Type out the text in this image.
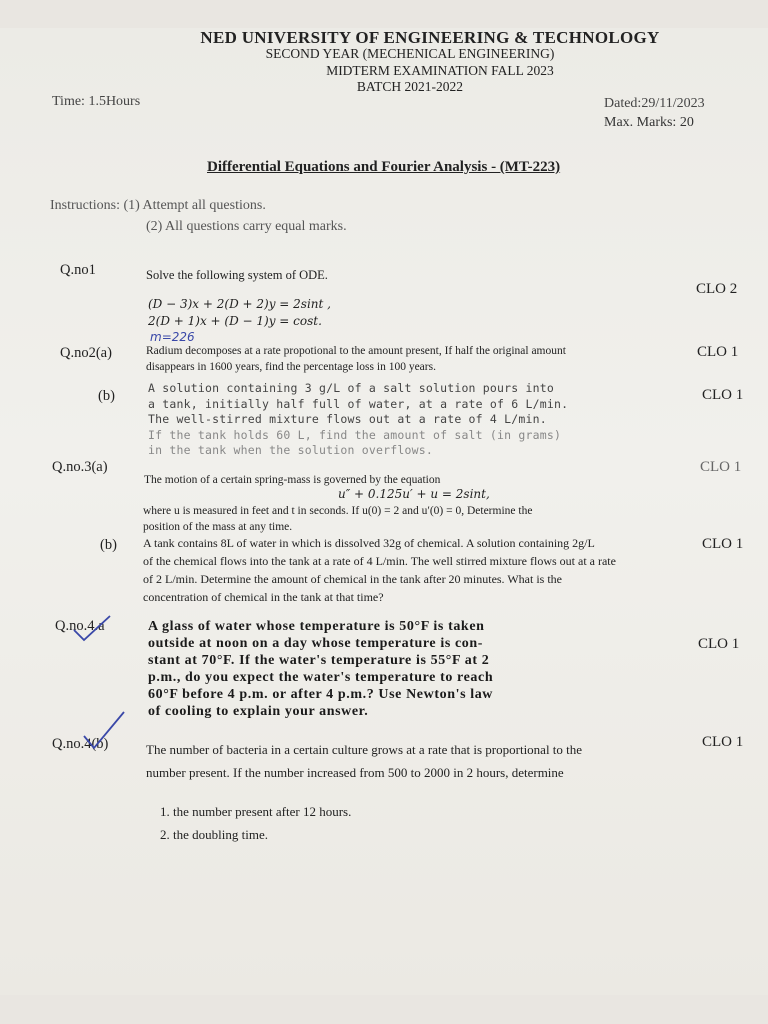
NED UNIVERSITY OF ENGINEERING & TECHNOLOGY
SECOND YEAR (MECHENICAL ENGINEERING)
MIDTERM EXAMINATION FALL 2023
BATCH 2021-2022
Time: 1.5Hours	Dated:29/11/2023
Max. Marks: 20
Differential Equations and Fourier Analysis - (MT-223)
Instructions: (1) Attempt all questions.
(2) All questions carry equal marks.
Q.no1
CLO 2
Solve the following system of ODE.
(D − 3)x + 2(D + 2)y = 2sint ,
2(D + 1)x + (D − 1)y = cost.
m=226
Q.no2(a)	CLO 1
Radium decomposes at a rate propotional to the amount present, If half the original amount
disappears in 1600 years, find the percentage loss in 100 years.
(b)	CLO 1
A solution containing 3 g/L of a salt solution pours into
a tank, initially half full of water, at a rate of 6 L/min.
The well-stirred mixture flows out at a rate of 4 L/min.
If the tank holds 60 L, find the amount of salt (in grams)
in the tank when the solution overflows.
Q.no.3(a)	CLO 1
The motion of a certain spring-mass is governed by the equation
u″ + 0.125u′ + u = 2sint,
where u is measured in feet and t in seconds. If u(0) = 2 and u′(0) = 0, Determine the
position of the mass at any time.
(b)	CLO 1
A tank contains 8L of water in which is dissolved 32g of chemical. A solution containing 2g/L
of the chemical flows into the tank at a rate of 4 L/min. The well stirred mixture flows out at a rate
of 2 L/min. Determine the amount of chemical in the tank after 20 minutes. What is the
concentration of chemical in the tank at that time?
Q.no.4.a
CLO 1
A glass of water whose temperature is 50°F is taken
outside at noon on a day whose temperature is con-
stant at 70°F. If the water's temperature is 55°F at 2
p.m., do you expect the water's temperature to reach
60°F before 4 p.m. or after 4 p.m.? Use Newton's law
of cooling to explain your answer.
Q.no.4(b)	CLO 1
The number of bacteria in a certain culture grows at a rate that is proportional to the
number present. If the number increased from 500 to 2000 in 2 hours, determine
1. the number present after 12 hours.
2. the doubling time.
